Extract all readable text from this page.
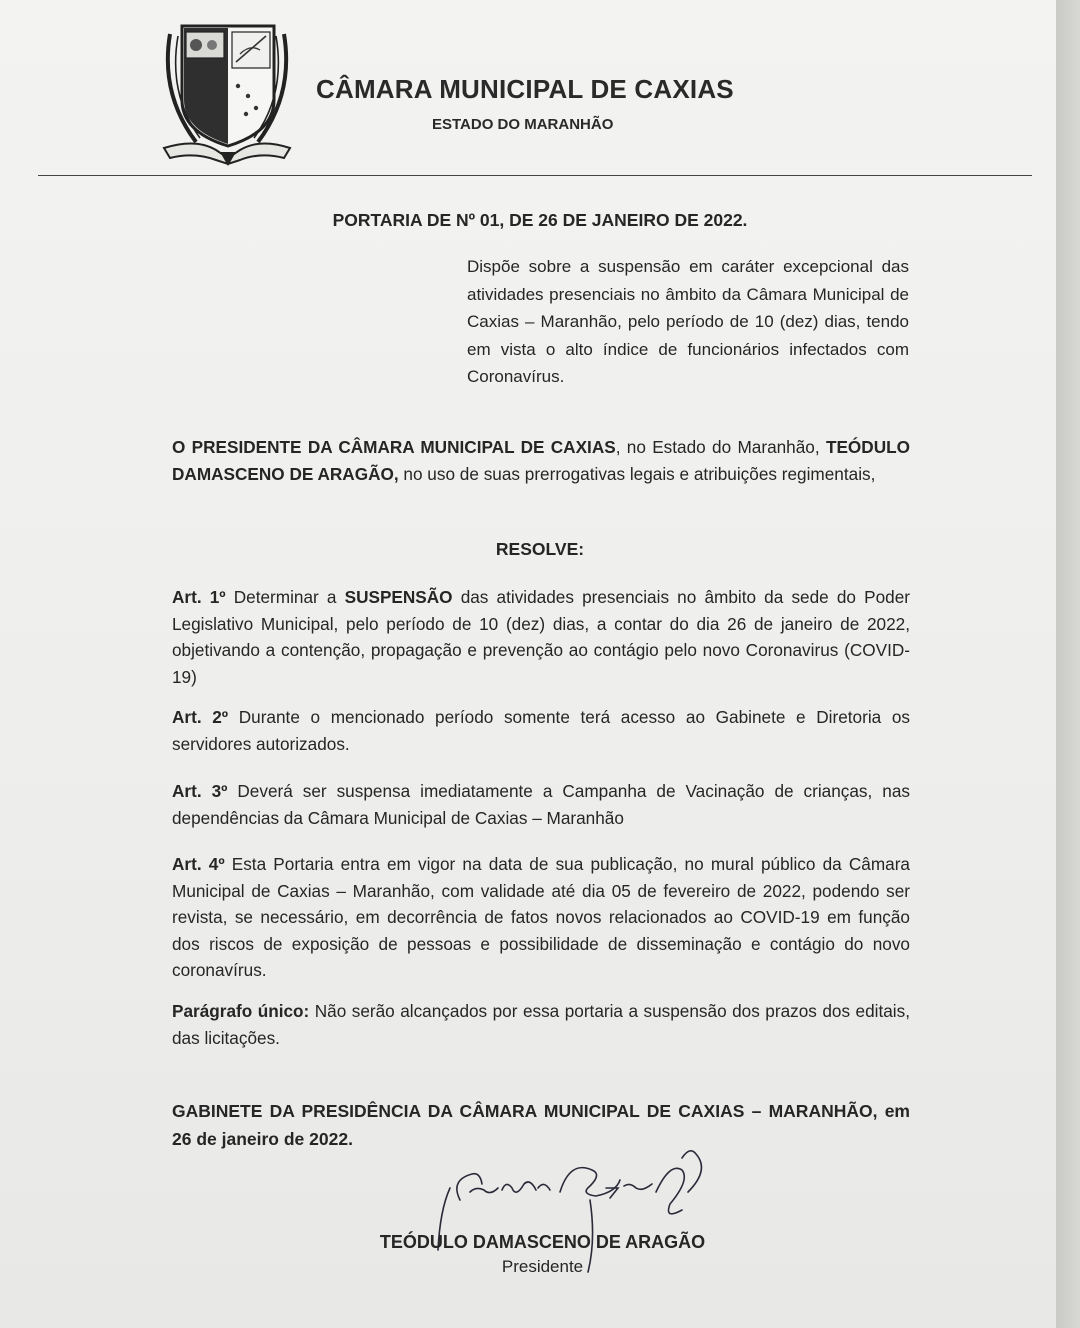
CÂMARA MUNICIPAL DE CAXIAS
ESTADO DO MARANHÃO
PORTARIA DE Nº 01, DE 26 DE JANEIRO DE 2022.
Dispõe sobre a suspensão em caráter excepcional das atividades presenciais no âmbito da Câmara Municipal de Caxias – Maranhão, pelo período de 10 (dez) dias, tendo em vista o alto índice de funcionários infectados com Coronavírus.
O PRESIDENTE DA CÂMARA MUNICIPAL DE CAXIAS, no Estado do Maranhão, TEÓDULO DAMASCENO DE ARAGÃO, no uso de suas prerrogativas legais e atribuições regimentais,
RESOLVE:
Art. 1º Determinar a SUSPENSÃO das atividades presenciais no âmbito da sede do Poder Legislativo Municipal, pelo período de 10 (dez) dias, a contar do dia 26 de janeiro de 2022, objetivando a contenção, propagação e prevenção ao contágio pelo novo Coronavirus (COVID-19)
Art. 2º Durante o mencionado período somente terá acesso ao Gabinete e Diretoria os servidores autorizados.
Art. 3º Deverá ser suspensa imediatamente a Campanha de Vacinação de crianças, nas dependências da Câmara Municipal de Caxias – Maranhão
Art. 4º Esta Portaria entra em vigor na data de sua publicação, no mural público da Câmara Municipal de Caxias – Maranhão, com validade até dia 05 de fevereiro de 2022, podendo ser revista, se necessário, em decorrência de fatos novos relacionados ao COVID-19 em função dos riscos de exposição de pessoas e possibilidade de disseminação e contágio do novo coronavírus.
Parágrafo único: Não serão alcançados por essa portaria a suspensão dos prazos dos editais, das licitações.
GABINETE DA PRESIDÊNCIA DA CÂMARA MUNICIPAL DE CAXIAS – MARANHÃO, em 26 de janeiro de 2022.
TEÓDULO DAMASCENO DE ARAGÃO
Presidente
